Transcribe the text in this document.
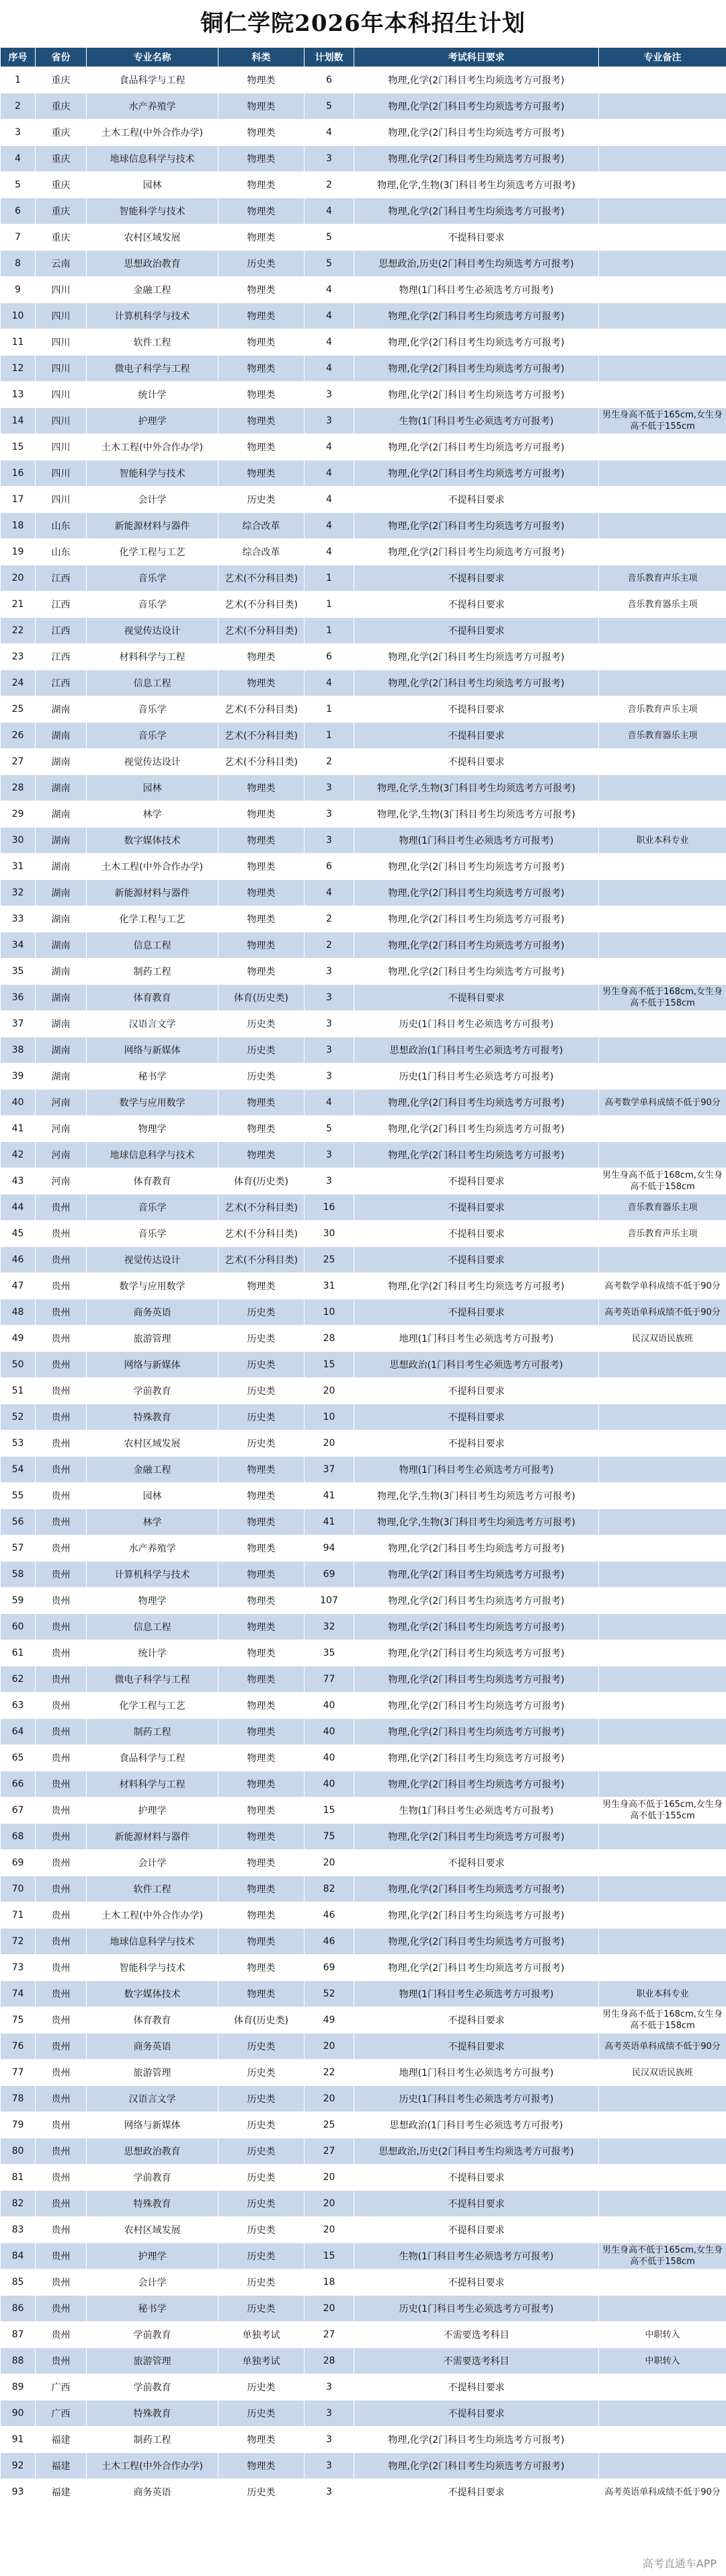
铜仁学院2026年本科招生计划
序号	省份	专业名称	科类	计划数	考试科目要求	专业备注
1	重庆	食品科学与工程	物理类	6	物理,化学(2门科目考生均须选考方可报考)	
2	重庆	水产养殖学	物理类	5	物理,化学(2门科目考生均须选考方可报考)	
3	重庆	土木工程(中外合作办学)	物理类	4	物理,化学(2门科目考生均须选考方可报考)	
4	重庆	地球信息科学与技术	物理类	3	物理,化学(2门科目考生均须选考方可报考)	
5	重庆	园林	物理类	2	物理,化学,生物(3门科目考生均须选考方可报考)	
6	重庆	智能科学与技术	物理类	4	物理,化学(2门科目考生均须选考方可报考)	
7	重庆	农村区域发展	物理类	5	不提科目要求	
8	云南	思想政治教育	历史类	5	思想政治,历史(2门科目考生均须选考方可报考)	
9	四川	金融工程	物理类	4	物理(1门科目考生必须选考方可报考)	
10	四川	计算机科学与技术	物理类	4	物理,化学(2门科目考生均须选考方可报考)	
11	四川	软件工程	物理类	4	物理,化学(2门科目考生均须选考方可报考)	
12	四川	微电子科学与工程	物理类	4	物理,化学(2门科目考生均须选考方可报考)	
13	四川	统计学	物理类	3	物理,化学(2门科目考生均须选考方可报考)	
14	四川	护理学	物理类	3	生物(1门科目考生必须选考方可报考)	男生身高不低于165cm,女生身高不低于155cm
15	四川	土木工程(中外合作办学)	物理类	4	物理,化学(2门科目考生均须选考方可报考)	
16	四川	智能科学与技术	物理类	4	物理,化学(2门科目考生均须选考方可报考)	
17	四川	会计学	历史类	4	不提科目要求	
18	山东	新能源材料与器件	综合改革	4	物理,化学(2门科目考生均须选考方可报考)	
19	山东	化学工程与工艺	综合改革	4	物理,化学(2门科目考生均须选考方可报考)	
20	江西	音乐学	艺术(不分科目类)	1	不提科目要求	音乐教育声乐主项
21	江西	音乐学	艺术(不分科目类)	1	不提科目要求	音乐教育器乐主项
22	江西	视觉传达设计	艺术(不分科目类)	1	不提科目要求	
23	江西	材料科学与工程	物理类	6	物理,化学(2门科目考生均须选考方可报考)	
24	江西	信息工程	物理类	4	物理,化学(2门科目考生均须选考方可报考)	
25	湖南	音乐学	艺术(不分科目类)	1	不提科目要求	音乐教育声乐主项
26	湖南	音乐学	艺术(不分科目类)	1	不提科目要求	音乐教育器乐主项
27	湖南	视觉传达设计	艺术(不分科目类)	2	不提科目要求	
28	湖南	园林	物理类	3	物理,化学,生物(3门科目考生均须选考方可报考)	
29	湖南	林学	物理类	3	物理,化学,生物(3门科目考生均须选考方可报考)	
30	湖南	数字媒体技术	物理类	3	物理(1门科目考生必须选考方可报考)	职业本科专业
31	湖南	土木工程(中外合作办学)	物理类	6	物理,化学(2门科目考生均须选考方可报考)	
32	湖南	新能源材料与器件	物理类	4	物理,化学(2门科目考生均须选考方可报考)	
33	湖南	化学工程与工艺	物理类	2	物理,化学(2门科目考生均须选考方可报考)	
34	湖南	信息工程	物理类	2	物理,化学(2门科目考生均须选考方可报考)	
35	湖南	制药工程	物理类	3	物理,化学(2门科目考生均须选考方可报考)	
36	湖南	体育教育	体育(历史类)	3	不提科目要求	男生身高不低于168cm,女生身高不低于158cm
37	湖南	汉语言文学	历史类	3	历史(1门科目考生必须选考方可报考)	
38	湖南	网络与新媒体	历史类	3	思想政治(1门科目考生必须选考方可报考)	
39	湖南	秘书学	历史类	3	历史(1门科目考生必须选考方可报考)	
40	河南	数学与应用数学	物理类	4	物理,化学(2门科目考生均须选考方可报考)	高考数学单科成绩不低于90分
41	河南	物理学	物理类	5	物理,化学(2门科目考生均须选考方可报考)	
42	河南	地球信息科学与技术	物理类	3	物理,化学(2门科目考生均须选考方可报考)	
43	河南	体育教育	体育(历史类)	3	不提科目要求	男生身高不低于168cm,女生身高不低于158cm
44	贵州	音乐学	艺术(不分科目类)	16	不提科目要求	音乐教育器乐主项
45	贵州	音乐学	艺术(不分科目类)	30	不提科目要求	音乐教育声乐主项
46	贵州	视觉传达设计	艺术(不分科目类)	25	不提科目要求	
47	贵州	数学与应用数学	物理类	31	物理,化学(2门科目考生均须选考方可报考)	高考数学单科成绩不低于90分
48	贵州	商务英语	历史类	10	不提科目要求	高考英语单科成绩不低于90分
49	贵州	旅游管理	历史类	28	地理(1门科目考生必须选考方可报考)	民汉双语民族班
50	贵州	网络与新媒体	历史类	15	思想政治(1门科目考生必须选考方可报考)	
51	贵州	学前教育	历史类	20	不提科目要求	
52	贵州	特殊教育	历史类	10	不提科目要求	
53	贵州	农村区域发展	历史类	20	不提科目要求	
54	贵州	金融工程	物理类	37	物理(1门科目考生必须选考方可报考)	
55	贵州	园林	物理类	41	物理,化学,生物(3门科目考生均须选考方可报考)	
56	贵州	林学	物理类	41	物理,化学,生物(3门科目考生均须选考方可报考)	
57	贵州	水产养殖学	物理类	94	物理,化学(2门科目考生均须选考方可报考)	
58	贵州	计算机科学与技术	物理类	69	物理,化学(2门科目考生均须选考方可报考)	
59	贵州	物理学	物理类	107	物理,化学(2门科目考生均须选考方可报考)	
60	贵州	信息工程	物理类	32	物理,化学(2门科目考生均须选考方可报考)	
61	贵州	统计学	物理类	35	物理,化学(2门科目考生均须选考方可报考)	
62	贵州	微电子科学与工程	物理类	77	物理,化学(2门科目考生均须选考方可报考)	
63	贵州	化学工程与工艺	物理类	40	物理,化学(2门科目考生均须选考方可报考)	
64	贵州	制药工程	物理类	40	物理,化学(2门科目考生均须选考方可报考)	
65	贵州	食品科学与工程	物理类	40	物理,化学(2门科目考生均须选考方可报考)	
66	贵州	材料科学与工程	物理类	40	物理,化学(2门科目考生均须选考方可报考)	
67	贵州	护理学	物理类	15	生物(1门科目考生必须选考方可报考)	男生身高不低于165cm,女生身高不低于155cm
68	贵州	新能源材料与器件	物理类	75	物理,化学(2门科目考生均须选考方可报考)	
69	贵州	会计学	物理类	20	不提科目要求	
70	贵州	软件工程	物理类	82	物理,化学(2门科目考生均须选考方可报考)	
71	贵州	土木工程(中外合作办学)	物理类	46	物理,化学(2门科目考生均须选考方可报考)	
72	贵州	地球信息科学与技术	物理类	46	物理,化学(2门科目考生均须选考方可报考)	
73	贵州	智能科学与技术	物理类	69	物理,化学(2门科目考生均须选考方可报考)	
74	贵州	数字媒体技术	物理类	52	物理(1门科目考生必须选考方可报考)	职业本科专业
75	贵州	体育教育	体育(历史类)	49	不提科目要求	男生身高不低于168cm,女生身高不低于158cm
76	贵州	商务英语	历史类	20	不提科目要求	高考英语单科成绩不低于90分
77	贵州	旅游管理	历史类	22	地理(1门科目考生必须选考方可报考)	民汉双语民族班
78	贵州	汉语言文学	历史类	20	历史(1门科目考生必须选考方可报考)	
79	贵州	网络与新媒体	历史类	25	思想政治(1门科目考生必须选考方可报考)	
80	贵州	思想政治教育	历史类	27	思想政治,历史(2门科目考生均须选考方可报考)	
81	贵州	学前教育	历史类	20	不提科目要求	
82	贵州	特殊教育	历史类	20	不提科目要求	
83	贵州	农村区域发展	历史类	20	不提科目要求	
84	贵州	护理学	历史类	15	生物(1门科目考生必须选考方可报考)	男生身高不低于165cm,女生身高不低于158cm
85	贵州	会计学	历史类	18	不提科目要求	
86	贵州	秘书学	历史类	20	历史(1门科目考生必须选考方可报考)	
87	贵州	学前教育	单独考试	27	不需要选考科目	中职转入
88	贵州	旅游管理	单独考试	28	不需要选考科目	中职转入
89	广西	学前教育	历史类	3	不提科目要求	
90	广西	特殊教育	历史类	3	不提科目要求	
91	福建	制药工程	物理类	3	物理,化学(2门科目考生均须选考方可报考)	
92	福建	土木工程(中外合作办学)	物理类	3	物理,化学(2门科目考生均须选考方可报考)	
93	福建	商务英语	历史类	3	不提科目要求	高考英语单科成绩不低于90分
高考直通车APP
